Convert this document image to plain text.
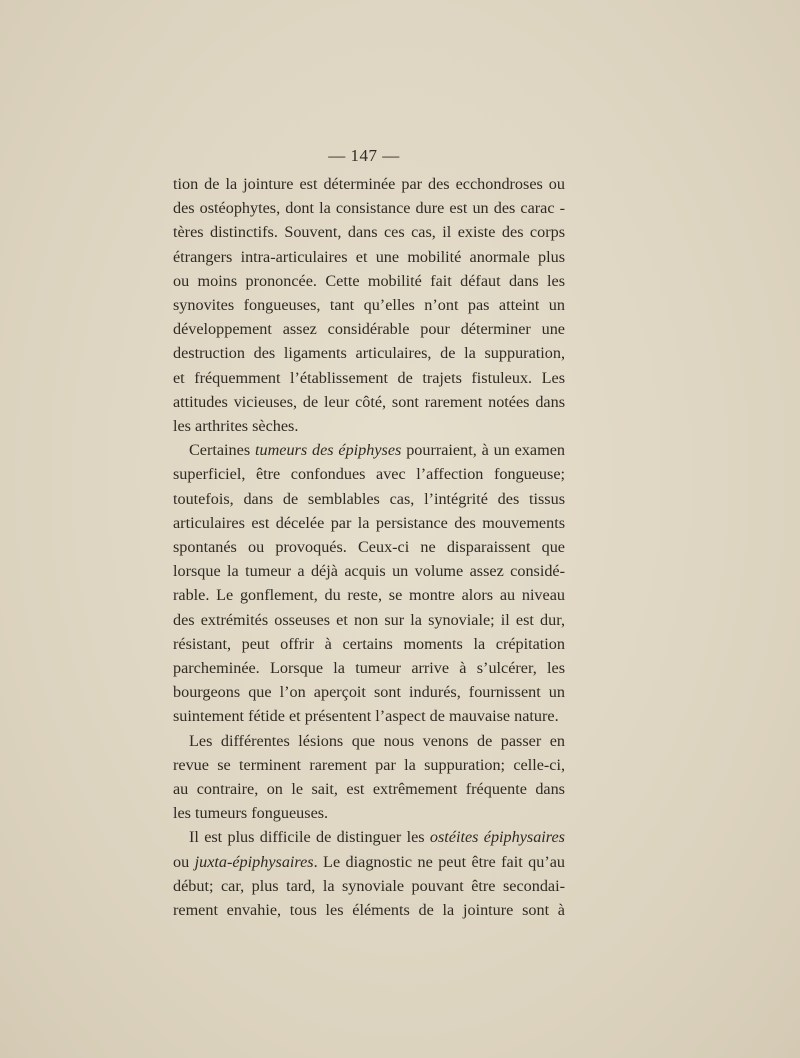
— 147 —
tion de la jointure est déterminée par des ecchondroses ou
des ostéophytes, dont la consistance dure est un des carac -
tères distinctifs. Souvent, dans ces cas, il existe des corps
étrangers intra-articulaires et une mobilité anormale plus
ou moins prononcée. Cette mobilité fait défaut dans les
synovites fongueuses, tant qu’elles n’ont pas atteint un
développement assez considérable pour déterminer une
destruction des ligaments articulaires, de la suppuration,
et fréquemment l’établissement de trajets fistuleux. Les
attitudes vicieuses, de leur côté, sont rarement notées dans
les arthrites sèches.
Certaines tumeurs des épiphyses pourraient, à un examen
superficiel, être confondues avec l’affection fongueuse;
toutefois, dans de semblables cas, l’intégrité des tissus
articulaires est décelée par la persistance des mouvements
spontanés ou provoqués. Ceux-ci ne disparaissent que
lorsque la tumeur a déjà acquis un volume assez considé-
rable. Le gonflement, du reste, se montre alors au niveau
des extrémités osseuses et non sur la synoviale; il est dur,
résistant, peut offrir à certains moments la crépitation
parcheminée. Lorsque la tumeur arrive à s’ulcérer, les
bourgeons que l’on aperçoit sont indurés, fournissent un
suintement fétide et présentent l’aspect de mauvaise nature.
Les différentes lésions que nous venons de passer en
revue se terminent rarement par la suppuration; celle-ci,
au contraire, on le sait, est extrêmement fréquente dans
les tumeurs fongueuses.
Il est plus difficile de distinguer les ostéites épiphysaires
ou juxta-épiphysaires. Le diagnostic ne peut être fait qu’au
début; car, plus tard, la synoviale pouvant être secondai-
rement envahie, tous les éléments de la jointure sont à
